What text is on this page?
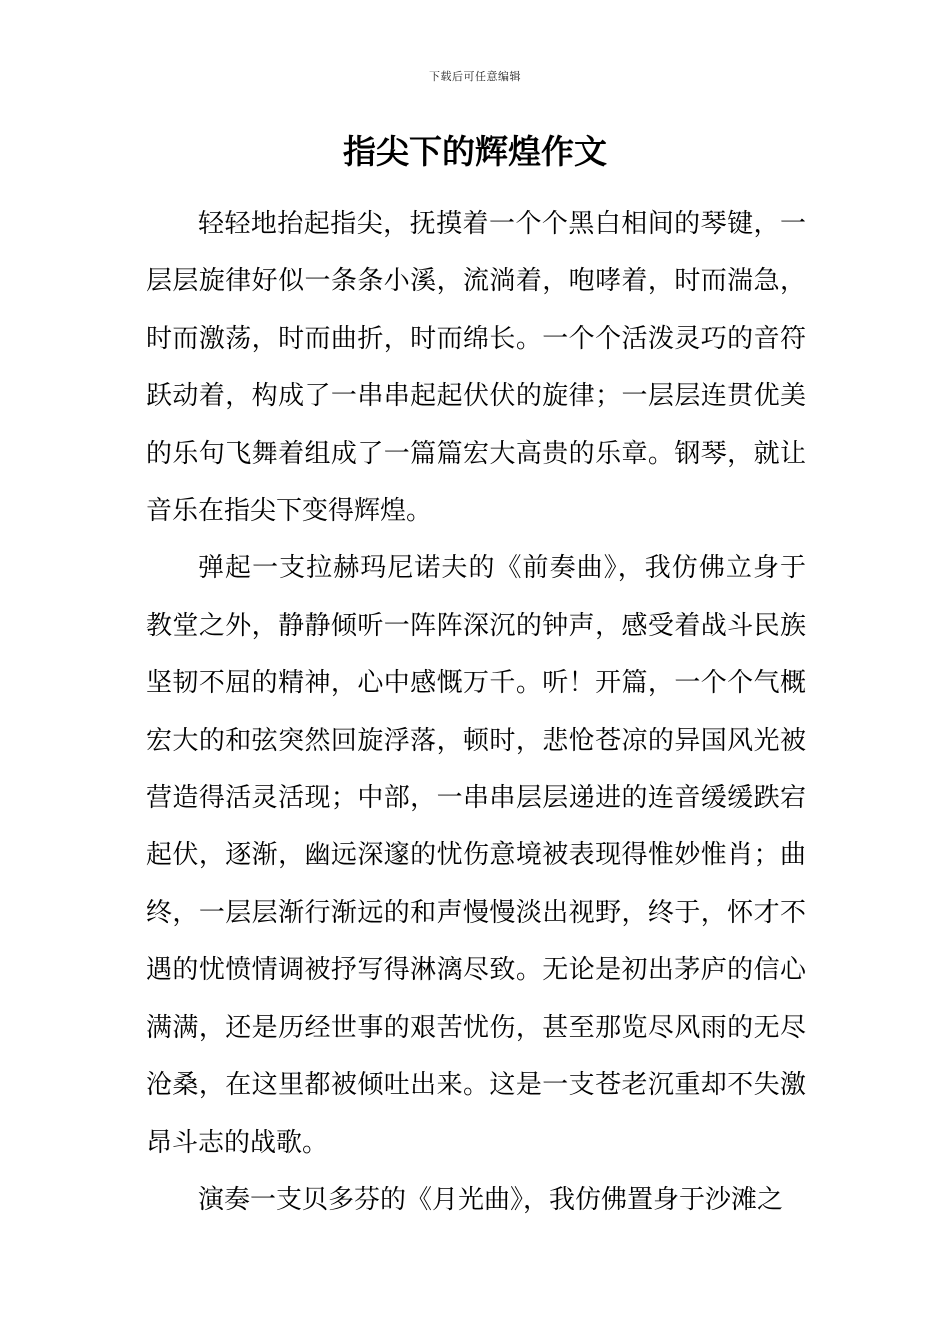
下载后可任意编辑
指尖下的辉煌作文

轻轻地抬起指尖，抚摸着一个个黑白相间的琴键，一层层旋律好似一条条小溪，流淌着，咆哮着，时而湍急，时而激荡，时而曲折，时而绵长。一个个活泼灵巧的音符跃动着，构成了一串串起起伏伏的旋律；一层层连贯优美的乐句飞舞着组成了一篇篇宏大高贵的乐章。钢琴，就让音乐在指尖下变得辉煌。

弹起一支拉赫玛尼诺夫的《前奏曲》，我仿佛立身于教堂之外，静静倾听一阵阵深沉的钟声，感受着战斗民族坚韧不屈的精神，心中感慨万千。听！开篇，一个个气概宏大的和弦突然回旋浮落，顿时，悲怆苍凉的异国风光被营造得活灵活现；中部，一串串层层递进的连音缓缓跌宕起伏，逐渐，幽远深邃的忧伤意境被表现得惟妙惟肖；曲终，一层层渐行渐远的和声慢慢淡出视野，终于，怀才不遇的忧愤情调被抒写得淋漓尽致。无论是初出茅庐的信心满满，还是历经世事的艰苦忧伤，甚至那览尽风雨的无尽沧桑，在这里都被倾吐出来。这是一支苍老沉重却不失激昂斗志的战歌。

演奏一支贝多芬的《月光曲》，我仿佛置身于沙滩之
